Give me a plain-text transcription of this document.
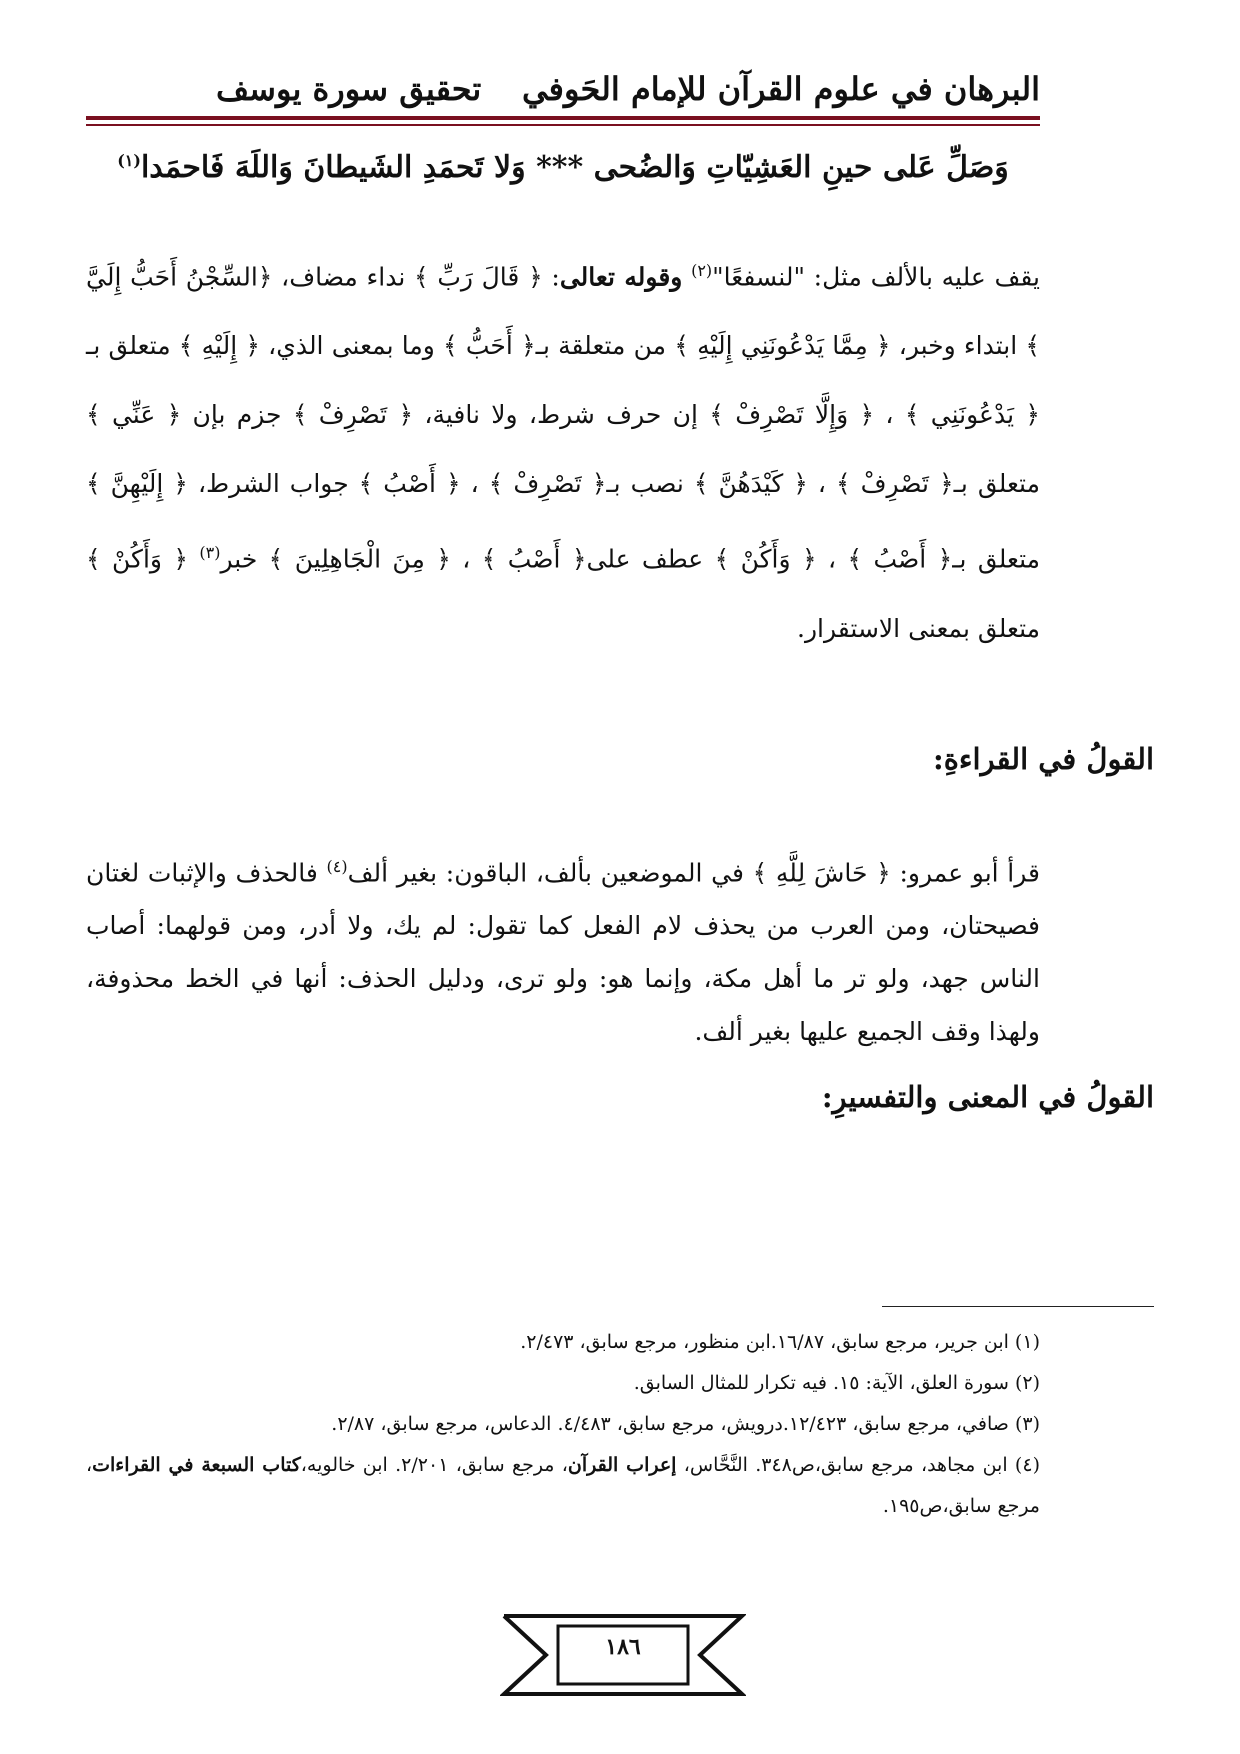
البرهان في علوم القرآن للإمام الحَوفي
تحقيق سورة يوسف
وَصَلِّ عَلى حينِ العَشِيّاتِ وَالضُحى *** وَلا تَحمَدِ الشَيطانَ وَاللَهَ فَاحمَدا$^{(١)}$
يقف عليه بالألف مثل: "لنسفعًا"$^{(٢)}$ وقوله تعالى: ﴿ قَالَ رَبِّ ﴾ نداء مضاف، ﴿السِّجْنُ أَحَبُّ إِلَيَّ ﴾ ابتداء وخبر، ﴿ مِمَّا يَدْعُونَنِي إِلَيْهِ ﴾ من متعلقة بـ﴿ أَحَبُّ ﴾ وما بمعنى الذي، ﴿ إِلَيْهِ ﴾ متعلق بـ ﴿ يَدْعُونَنِي ﴾ ، ﴿ وَإِلَّا تَصْرِفْ ﴾ إن حرف شرط، ولا نافية، ﴿ تَصْرِفْ ﴾ جزم بإن ﴿ عَنِّي ﴾ متعلق بـ﴿ تَصْرِفْ ﴾ ، ﴿ كَيْدَهُنَّ ﴾ نصب بـ﴿ تَصْرِفْ ﴾ ، ﴿ أَصْبُ ﴾ جواب الشرط، ﴿ إِلَيْهِنَّ ﴾ متعلق بـ﴿ أَصْبُ ﴾ ، ﴿ وَأَكُنْ ﴾ عطف على﴿ أَصْبُ ﴾ ، ﴿ مِنَ الْجَاهِلِينَ ﴾ خبر$^{(٣)}$ ﴿ وَأَكُنْ ﴾ متعلق بمعنى الاستقرار.
القولُ في القراءةِ:
قرأ أبو عمرو: ﴿ حَاشَ لِلَّهِ ﴾ في الموضعين بألف، الباقون: بغير ألف$^{(٤)}$ فالحذف والإثبات لغتان فصيحتان، ومن العرب من يحذف لام الفعل كما تقول: لم يك، ولا أدر، ومن قولهما: أصاب الناس جهد، ولو تر ما أهل مكة، وإنما هو: ولو ترى، ودليل الحذف: أنها في الخط محذوفة، ولهذا وقف الجميع عليها بغير ألف.
القولُ في المعنى والتفسيرِ:
(١) ابن جرير، مرجع سابق، ١٦/٨٧.ابن منظور، مرجع سابق، ٢/٤٧٣.
(٢) سورة العلق، الآية: ١٥. فيه تكرار للمثال السابق.
(٣) صافي، مرجع سابق، ١٢/٤٢٣.درويش، مرجع سابق، ٤/٤٨٣. الدعاس، مرجع سابق، ٢/٨٧.
(٤) ابن مجاهد، مرجع سابق،ص٣٤٨. النَّحَّاس، إعراب القرآن، مرجع سابق، ٢/٢٠١. ابن خالويه،كتاب السبعة في القراءات، مرجع سابق،ص١٩٥.
١٨٦
